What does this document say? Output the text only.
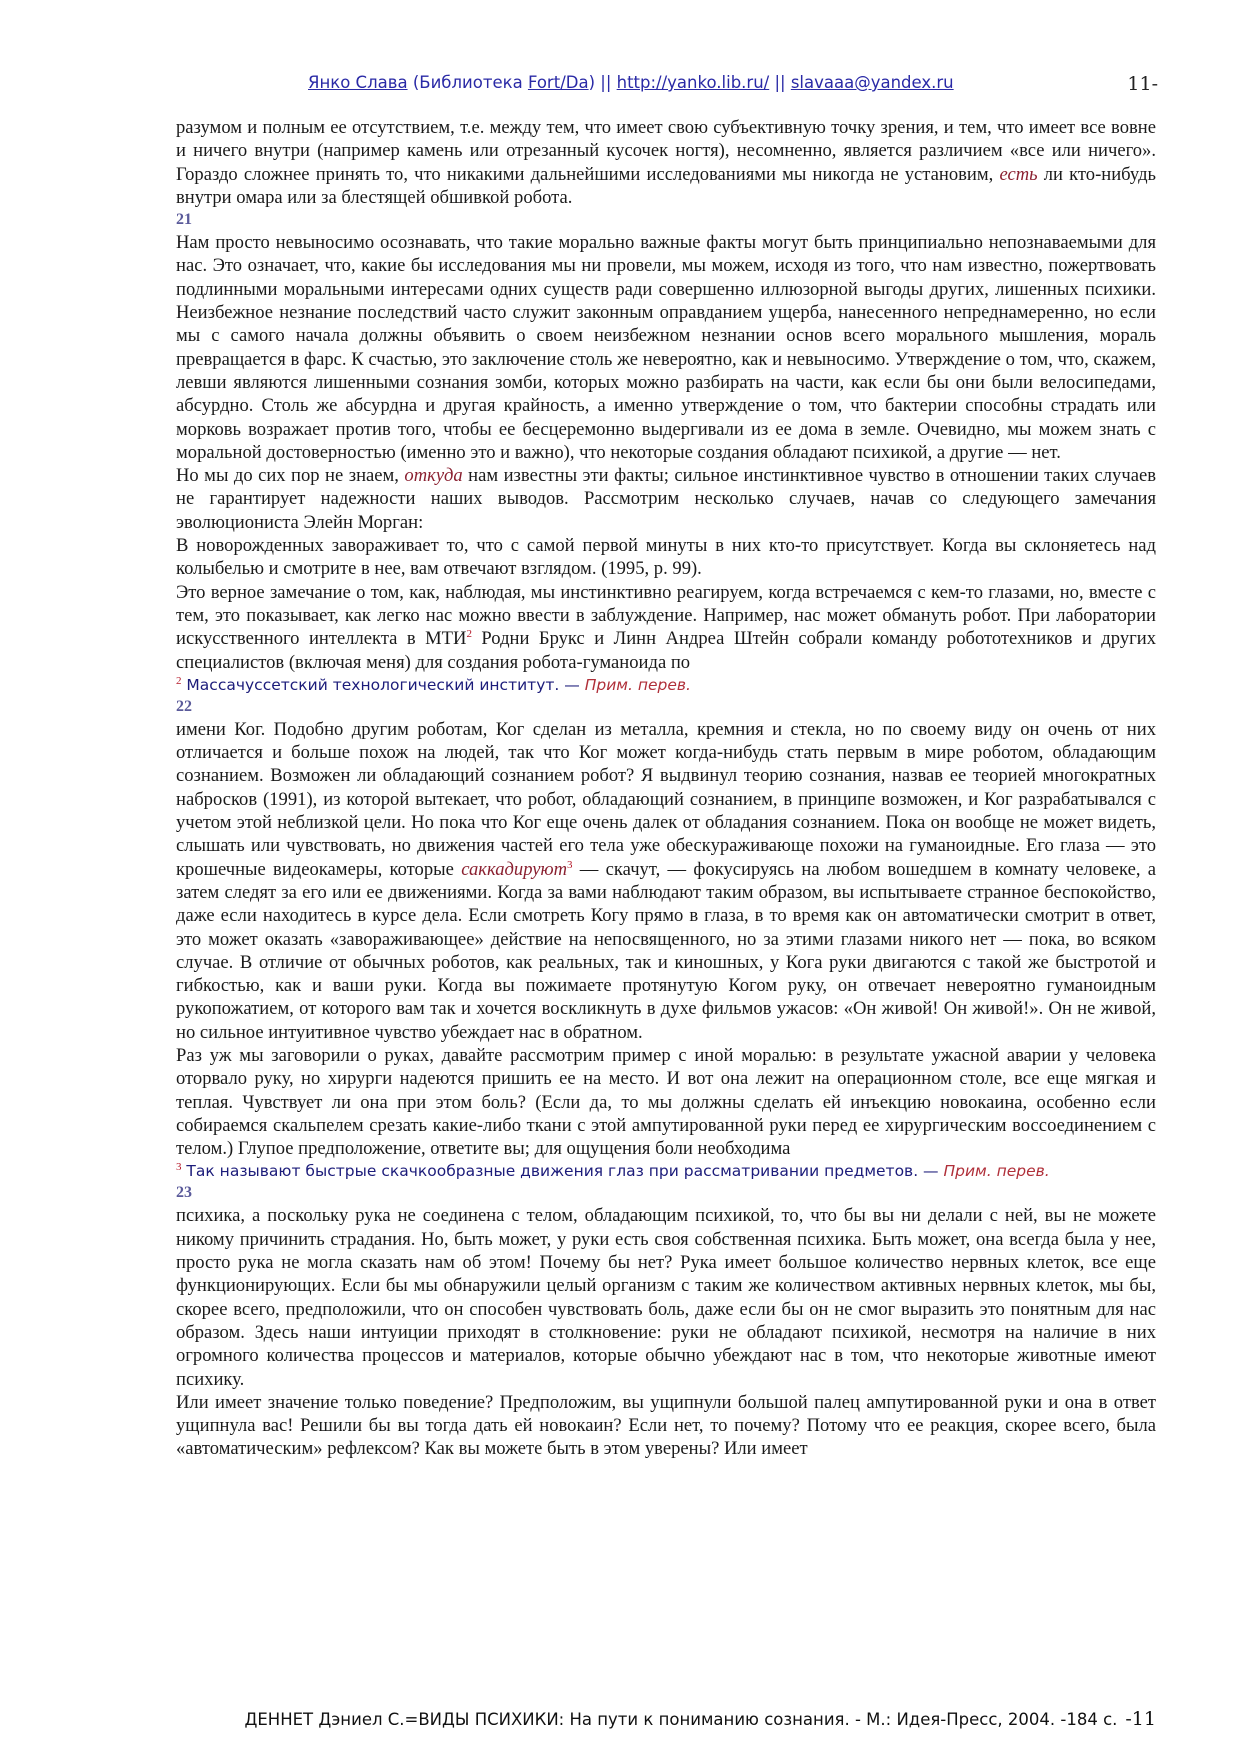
Янко Слава (Библиотека Fort/Da) || http://yanko.lib.ru/ || slavaaa@yandex.ru	11-

разумом и полным ее отсутствием, т.е. между тем, что имеет свою субъективную точку зрения, и тем, что имеет все вовне и ничего внутри (например камень или отрезанный кусочек ногтя), несомненно, является различием «все или ничего». Гораздо сложнее принять то, что никакими дальнейшими исследованиями мы никогда не установим, есть ли кто-нибудь внутри омара или за блестящей обшивкой робота.

21

Нам просто невыносимо осознавать, что такие морально важные факты могут быть принципиально непознаваемыми для нас. Это означает, что, какие бы исследования мы ни провели, мы можем, исходя из того, что нам известно, пожертвовать подлинными моральными интересами одних существ ради совершенно иллюзорной выгоды других, лишенных психики. Неизбежное незнание последствий часто служит законным оправданием ущерба, нанесенного непреднамеренно, но если мы с самого начала должны объявить о своем неизбежном незнании основ всего морального мышления, мораль превращается в фарс. К счастью, это заключение столь же невероятно, как и невыносимо. Утверждение о том, что, скажем, левши являются лишенными сознания зомби, которых можно разбирать на части, как если бы они были велосипедами, абсурдно. Столь же абсурдна и другая крайность, а именно утверждение о том, что бактерии способны страдать или морковь возражает против того, чтобы ее бесцеремонно выдергивали из ее дома в земле. Очевидно, мы можем знать с моральной достоверностью (именно это и важно), что некоторые создания обладают психикой, а другие — нет.

Но мы до сих пор не знаем, откуда нам известны эти факты; сильное инстинктивное чувство в отношении таких случаев не гарантирует надежности наших выводов. Рассмотрим несколько случаев, начав со следующего замечания эволюциониста Элейн Морган:

В новорожденных завораживает то, что с самой первой минуты в них кто-то присутствует. Когда вы склоняетесь над колыбелью и смотрите в нее, вам отвечают взглядом. (1995, p. 99).

Это верное замечание о том, как, наблюдая, мы инстинктивно реагируем, когда встречаемся с кем-то глазами, но, вместе с тем, это показывает, как легко нас можно ввести в заблуждение. Например, нас может обмануть робот. При лаборатории искусственного интеллекта в МТИ$^2$ Родни Брукс и Линн Андреа Штейн собрали команду робототехников и других специалистов (включая меня) для создания робота-гуманоида по

$^2$ Массачуссетский технологический институт. — Прим. перев.

22

имени Ког. Подобно другим роботам, Ког сделан из металла, кремния и стекла, но по своему виду он очень от них отличается и больше похож на людей, так что Ког может когда-нибудь стать первым в мире роботом, обладающим сознанием. Возможен ли обладающий сознанием робот? Я выдвинул теорию сознания, назвав ее теорией многократных набросков (1991), из которой вытекает, что робот, обладающий сознанием, в принципе возможен, и Ког разрабатывался с учетом этой неблизкой цели. Но пока что Ког еще очень далек от обладания сознанием. Пока он вообще не может видеть, слышать или чувствовать, но движения частей его тела уже обескураживающе похожи на гуманоидные. Его глаза — это крошечные видеокамеры, которые саккадируют$^3$ — скачут, — фокусируясь на любом вошедшем в комнату человеке, а затем следят за его или ее движениями. Когда за вами наблюдают таким образом, вы испытываете странное беспокойство, даже если находитесь в курсе дела. Если смотреть Когу прямо в глаза, в то время как он автоматически смотрит в ответ, это может оказать «завораживающее» действие на непосвященного, но за этими глазами никого нет — пока, во всяком случае. В отличие от обычных роботов, как реальных, так и киношных, у Кога руки двигаются с такой же быстротой и гибкостью, как и ваши руки. Когда вы пожимаете протянутую Когом руку, он отвечает невероятно гуманоидным рукопожатием, от которого вам так и хочется воскликнуть в духе фильмов ужасов: «Он живой! Он живой!». Он не живой, но сильное интуитивное чувство убеждает нас в обратном.

Раз уж мы заговорили о руках, давайте рассмотрим пример с иной моралью: в результате ужасной аварии у человека оторвало руку, но хирурги надеются пришить ее на место. И вот она лежит на операционном столе, все еще мягкая и теплая. Чувствует ли она при этом боль? (Если да, то мы должны сделать ей инъекцию новокаина, особенно если собираемся скальпелем срезать какие-либо ткани с этой ампутированной руки перед ее хирургическим воссоединением с телом.) Глупое предположение, ответите вы; для ощущения боли необходима

$^3$ Так называют быстрые скачкообразные движения глаз при рассматривании предметов. — Прим. перев.

23

психика, а поскольку рука не соединена с телом, обладающим психикой, то, что бы вы ни делали с ней, вы не можете никому причинить страдания. Но, быть может, у руки есть своя собственная психика. Быть может, она всегда была у нее, просто рука не могла сказать нам об этом! Почему бы нет? Рука имеет большое количество нервных клеток, все еще функционирующих. Если бы мы обнаружили целый организм с таким же количеством активных нервных клеток, мы бы, скорее всего, предположили, что он способен чувствовать боль, даже если бы он не смог выразить это понятным для нас образом. Здесь наши интуиции приходят в столкновение: руки не обладают психикой, несмотря на наличие в них огромного количества процессов и материалов, которые обычно убеждают нас в том, что некоторые животные имеют психику.

Или имеет значение только поведение? Предположим, вы ущипнули большой палец ампутированной руки и она в ответ ущипнула вас! Решили бы вы тогда дать ей новокаин? Если нет, то почему? Потому что ее реакция, скорее всего, была «автоматическим» рефлексом? Как вы можете быть в этом уверены? Или имеет

ДЕННЕТ Дэниел С.=ВИДЫ ПСИХИКИ: На пути к пониманию сознания. - М.: Идея-Пресс, 2004. -184 с. -11
